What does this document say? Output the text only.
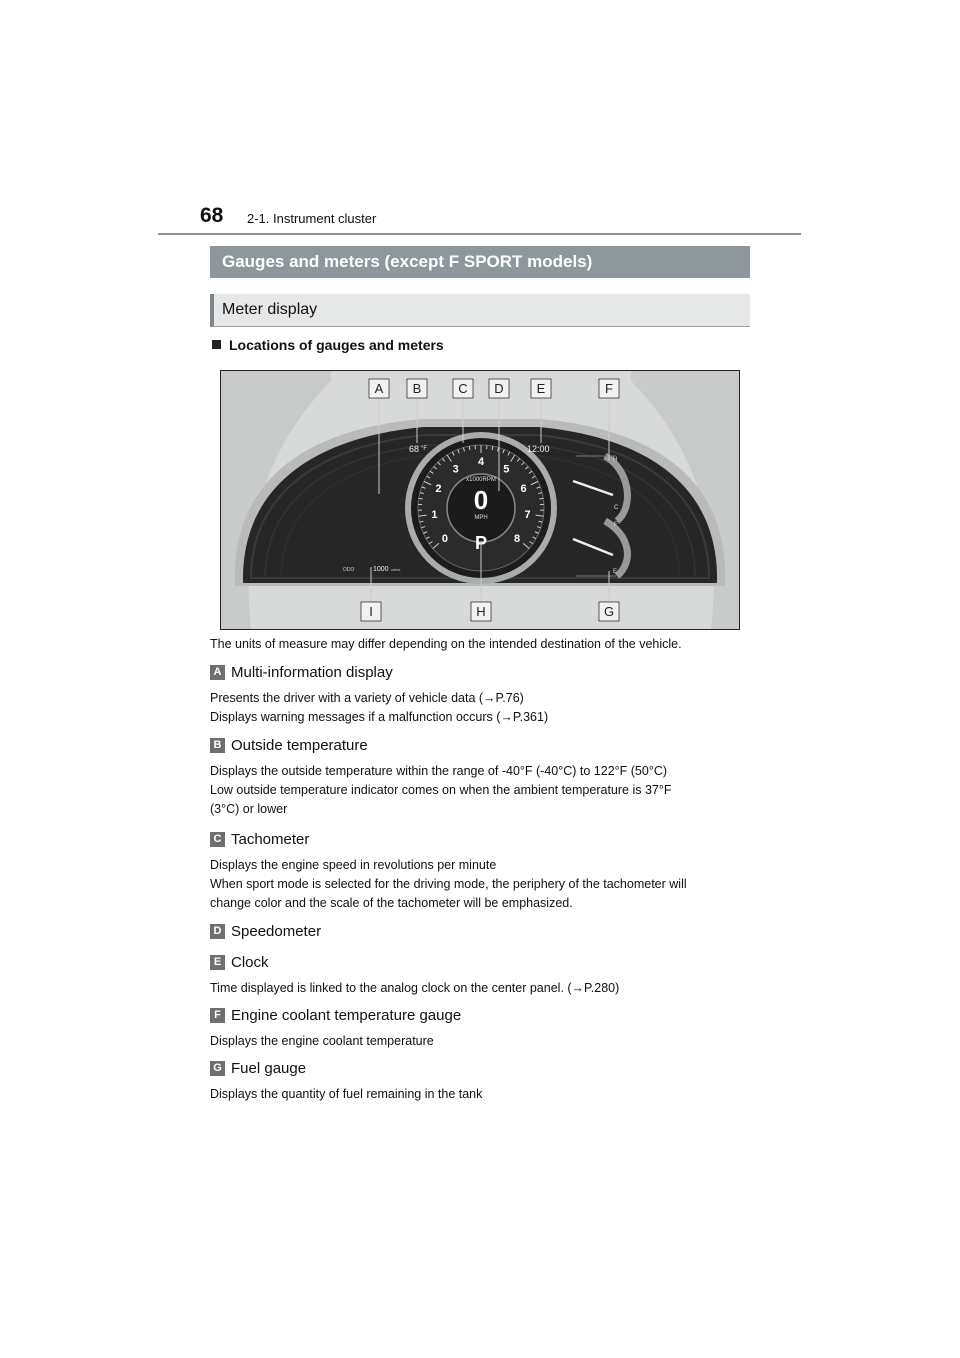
68 2-1. Instrument cluster
Gauges and meters (except F SPORT models)
Meter display
Locations of gauges and meters
0
1
2
3
4
5
6
7
8
x1000RPM
0
MPH
P
68 °F	12:00
ODO	1000 miles
H
C
F
E
A B	C D	E	F
I	H	G
The units of measure may differ depending on the intended destination of the vehicle.
A Multi-information display
Presents the driver with a variety of vehicle data (→P.76)
Displays warning messages if a malfunction occurs (→P.361)
B Outside temperature
Displays the outside temperature within the range of -40°F (-40°C) to 122°F (50°C)
Low outside temperature indicator comes on when the ambient temperature is 37°F
(3°C) or lower
C Tachometer
Displays the engine speed in revolutions per minute
When sport mode is selected for the driving mode, the periphery of the tachometer will
change color and the scale of the tachometer will be emphasized.
D Speedometer
E Clock
Time displayed is linked to the analog clock on the center panel. (→P.280)
F Engine coolant temperature gauge
Displays the engine coolant temperature
G Fuel gauge
Displays the quantity of fuel remaining in the tank
